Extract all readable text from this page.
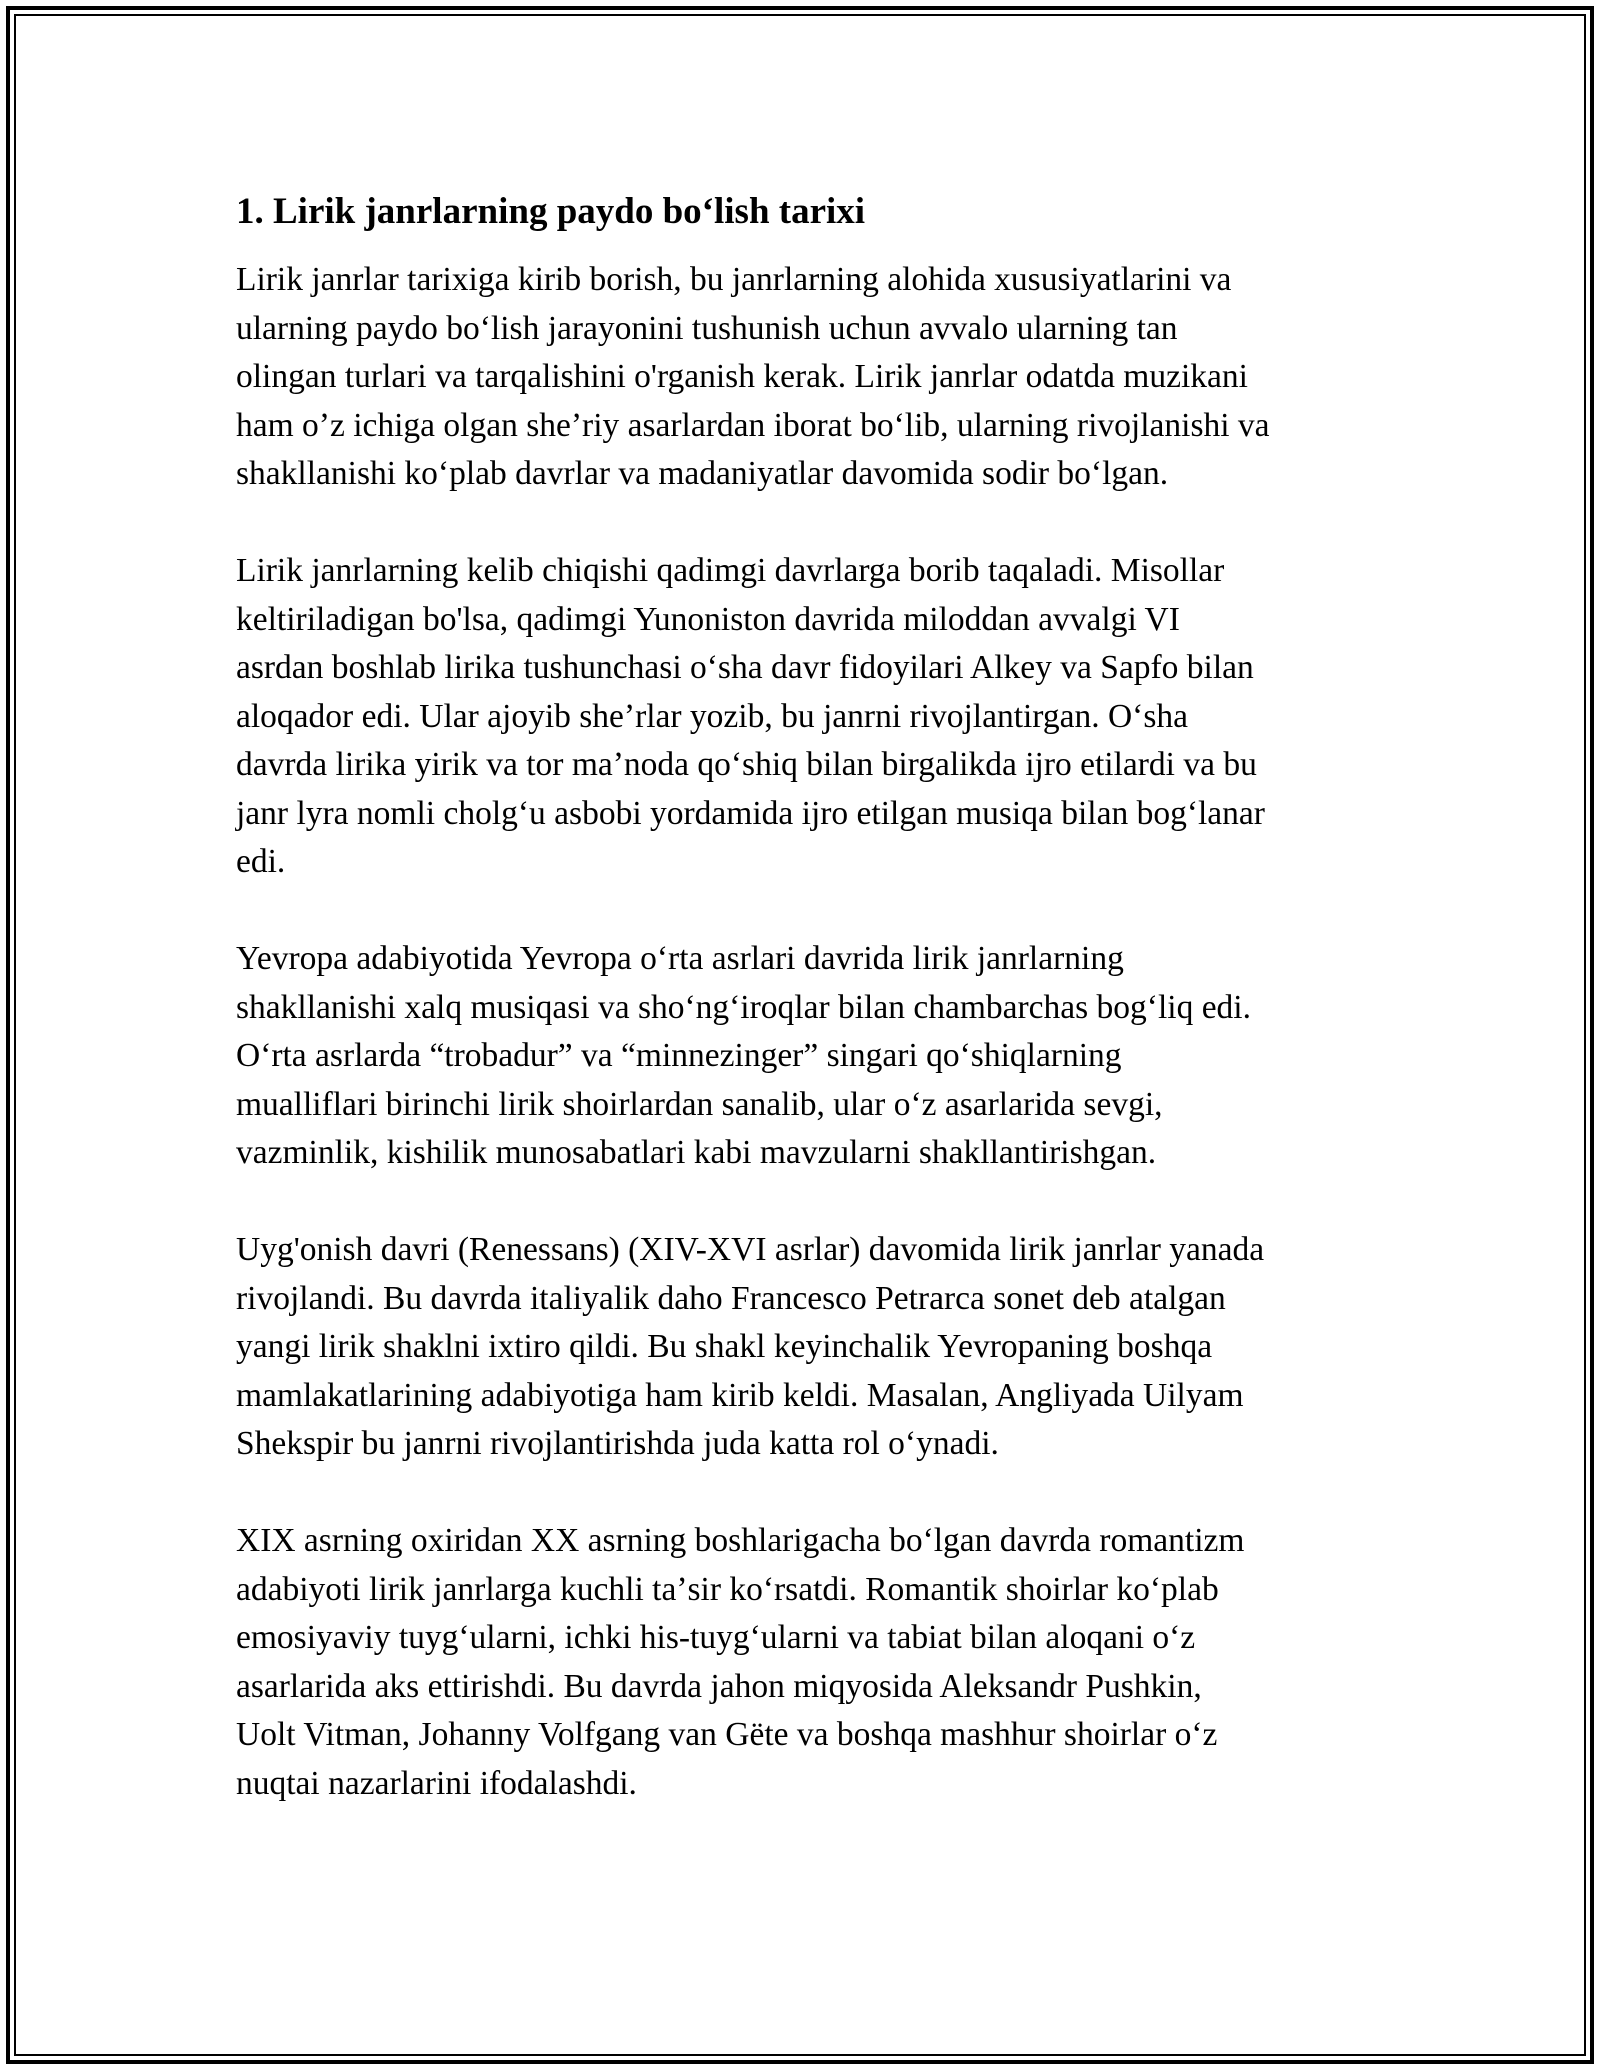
1. Lirik janrlarning paydo boʻlish tarixi
Lirik janrlar tarixiga kirib borish, bu janrlarning alohida xususiyatlarini va
ularning paydo boʻlish jarayonini tushunish uchun avvalo ularning tan
olingan turlari va tarqalishini o'rganish kerak. Lirik janrlar odatda muzikani
ham oʼz ichiga olgan sheʼriy asarlardan iborat boʻlib, ularning rivojlanishi va
shakllanishi koʻplab davrlar va madaniyatlar davomida sodir boʻlgan.
Lirik janrlarning kelib chiqishi qadimgi davrlarga borib taqaladi. Misollar
keltiriladigan bo'lsa, qadimgi Yunoniston davrida miloddan avvalgi VI
asrdan boshlab lirika tushunchasi oʻsha davr fidoyilari Alkey va Sapfo bilan
aloqador edi. Ular ajoyib sheʼrlar yozib, bu janrni rivojlantirgan. Oʻsha
davrda lirika yirik va tor maʼnoda qoʻshiq bilan birgalikda ijro etilardi va bu
janr lyra nomli cholgʻu asbobi yordamida ijro etilgan musiqa bilan bogʻlanar
edi.
Yevropa adabiyotida Yevropa oʻrta asrlari davrida lirik janrlarning
shakllanishi xalq musiqasi va shoʻngʻiroqlar bilan chambarchas bogʻliq edi.
Oʻrta asrlarda “trobadur” va “minnezinger” singari qoʻshiqlarning
mualliflari birinchi lirik shoirlardan sanalib, ular oʻz asarlarida sevgi,
vazminlik, kishilik munosabatlari kabi mavzularni shakllantirishgan.
Uyg'onish davri (Renessans) (XIV-XVI asrlar) davomida lirik janrlar yanada
rivojlandi. Bu davrda italiyalik daho Francesco Petrarca sonet deb atalgan
yangi lirik shaklni ixtiro qildi. Bu shakl keyinchalik Yevropaning boshqa
mamlakatlarining adabiyotiga ham kirib keldi. Masalan, Angliyada Uilyam
Shekspir bu janrni rivojlantirishda juda katta rol oʻynadi.
XIX asrning oxiridan XX asrning boshlarigacha boʻlgan davrda romantizm
adabiyoti lirik janrlarga kuchli taʼsir koʻrsatdi. Romantik shoirlar koʻplab
emosiyaviy tuygʻularni, ichki his-tuygʻularni va tabiat bilan aloqani oʻz
asarlarida aks ettirishdi. Bu davrda jahon miqyosida Aleksandr Pushkin,
Uolt Vitman, Johanny Volfgang van Gëte va boshqa mashhur shoirlar oʻz
nuqtai nazarlarini ifodalashdi.
